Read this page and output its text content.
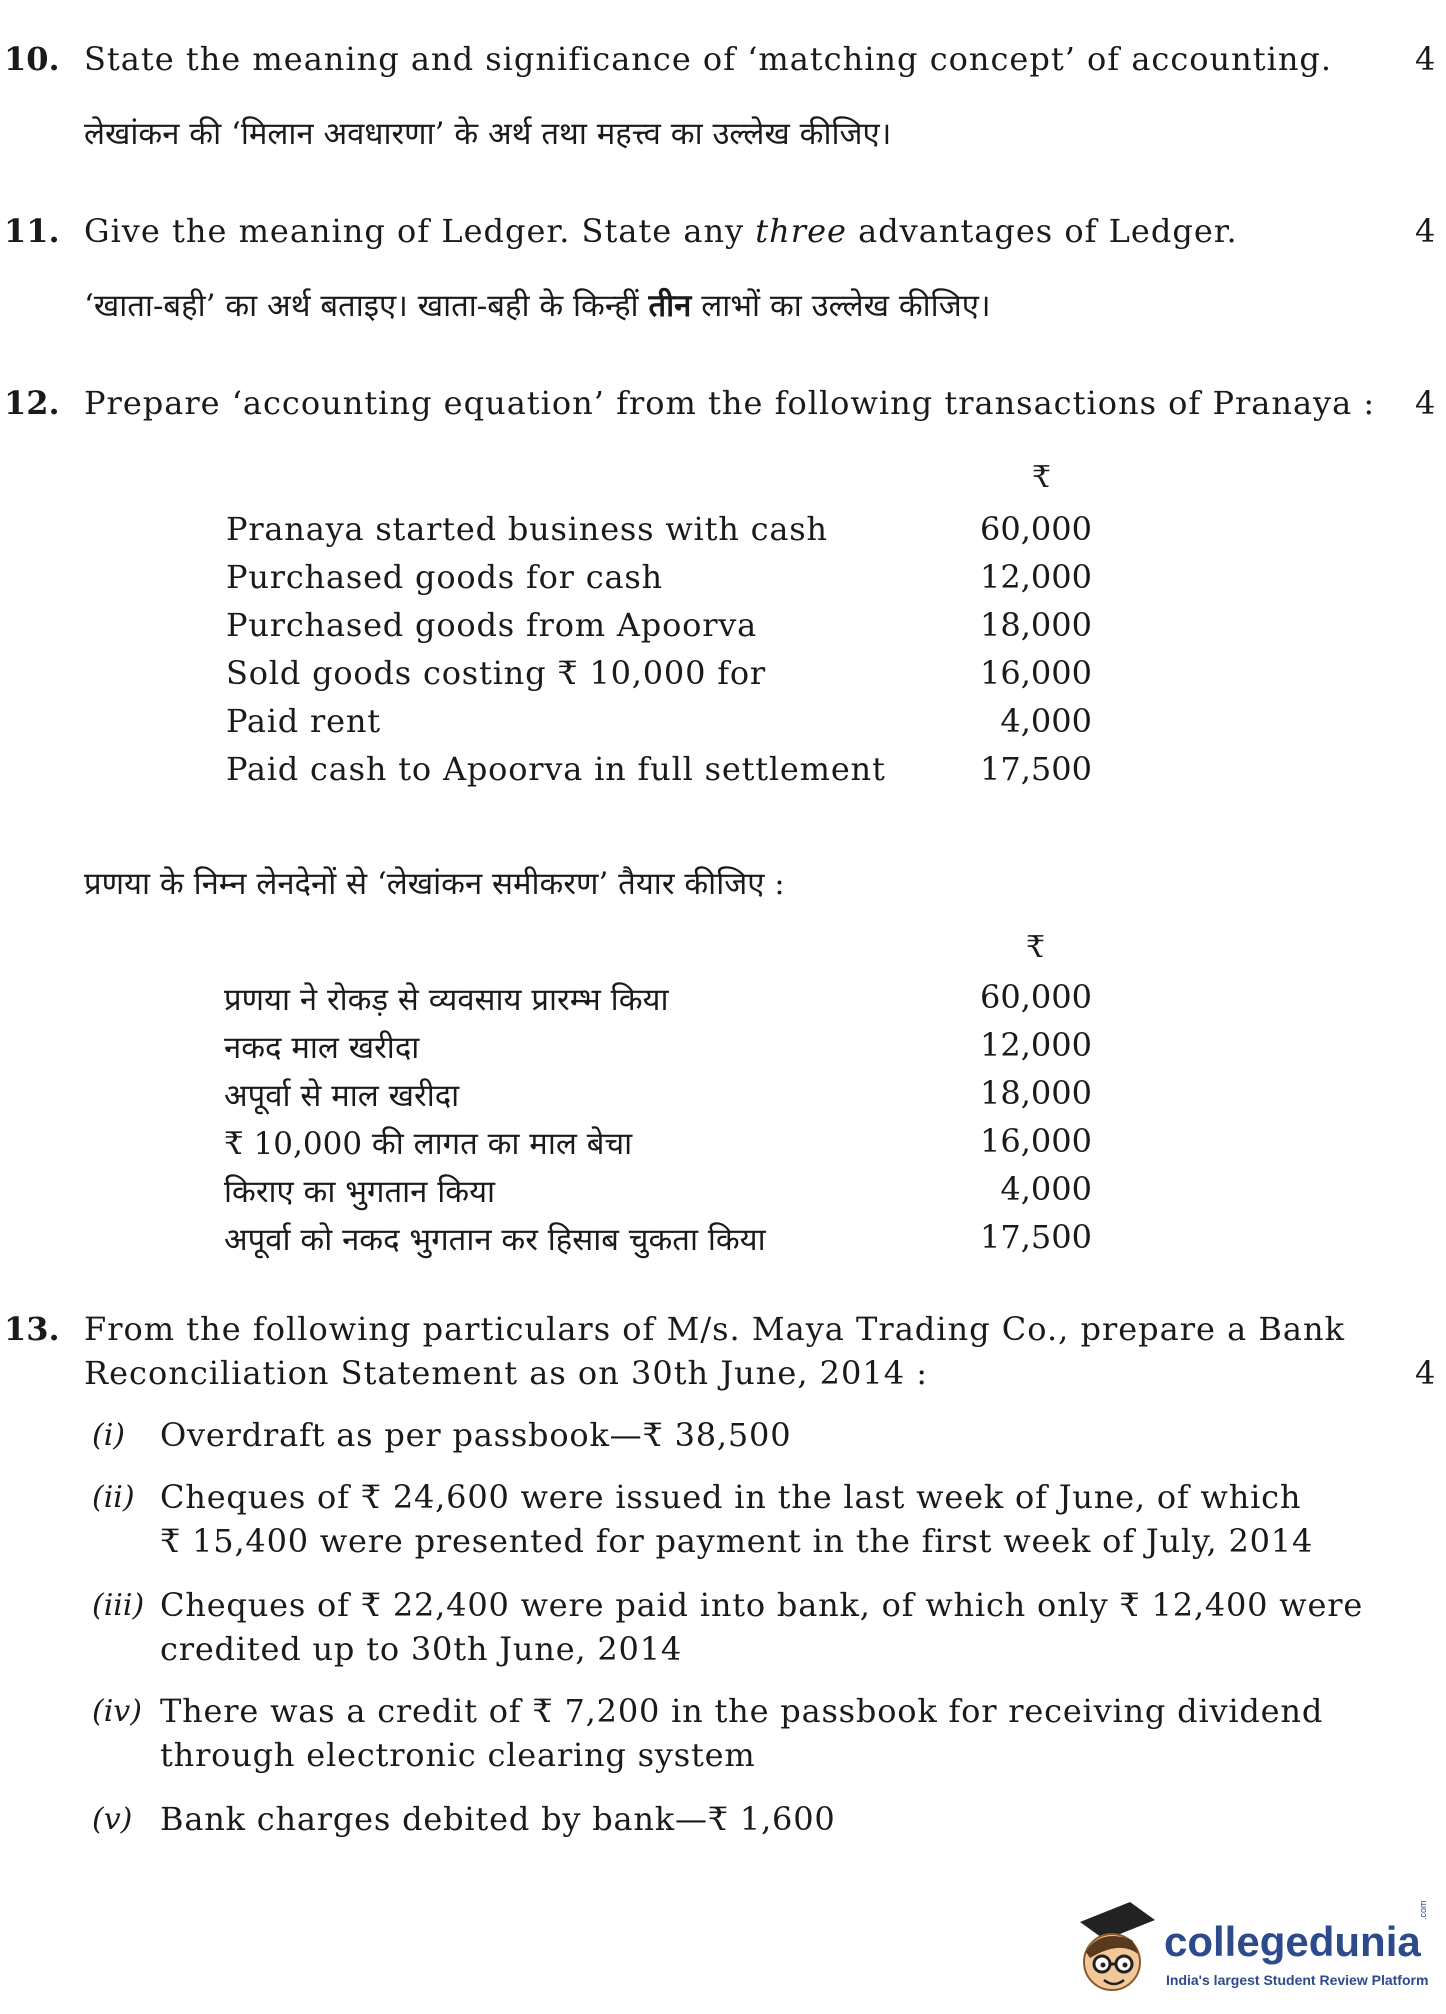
10. State the meaning and significance of ‘matching concept’ of accounting.	4
लेखांकन की ‘मिलान अवधारणा’ के अर्थ तथा महत्त्व का उल्लेख कीजिए।
11. Give the meaning of Ledger. State any three advantages of Ledger.	4
‘खाता-बही’ का अर्थ बताइए। खाता-बही के किन्हीं तीन लाभों का उल्लेख कीजिए।
12. Prepare ‘accounting equation’ from the following transactions of Pranaya : 4
₹
Pranaya started business with cash	60,000
Purchased goods for cash	12,000
Purchased goods from Apoorva	18,000
Sold goods costing ₹ 10,000 for	16,000
Paid rent	4,000
Paid cash to Apoorva in full settlement	17,500
प्रणया के निम्न लेनदेनों से ‘लेखांकन समीकरण’ तैयार कीजिए :
₹
प्रणया ने रोकड़ से व्यवसाय प्रारम्भ किया	60,000
नकद माल खरीदा	12,000
अपूर्वा से माल खरीदा	18,000
₹ 10,000 की लागत का माल बेचा	16,000
किराए का भुगतान किया	4,000
अपूर्वा को नकद भुगतान कर हिसाब चुकता किया	17,500
13. From the following particulars of M/s. Maya Trading Co., prepare a Bank
Reconciliation Statement as on 30th June, 2014 :	4
(i) Overdraft as per passbook—₹ 38,500
(ii) Cheques of ₹ 24,600 were issued in the last week of June, of which
₹ 15,400 were presented for payment in the first week of July, 2014
(iii) Cheques of ₹ 22,400 were paid into bank, of which only ₹ 12,400 were
credited up to 30th June, 2014
(iv) There was a credit of ₹ 7,200 in the passbook for receiving dividend
through electronic clearing system
(v) Bank charges debited by bank—₹ 1,600
collegedunia
.com
India's largest Student Review Platform
